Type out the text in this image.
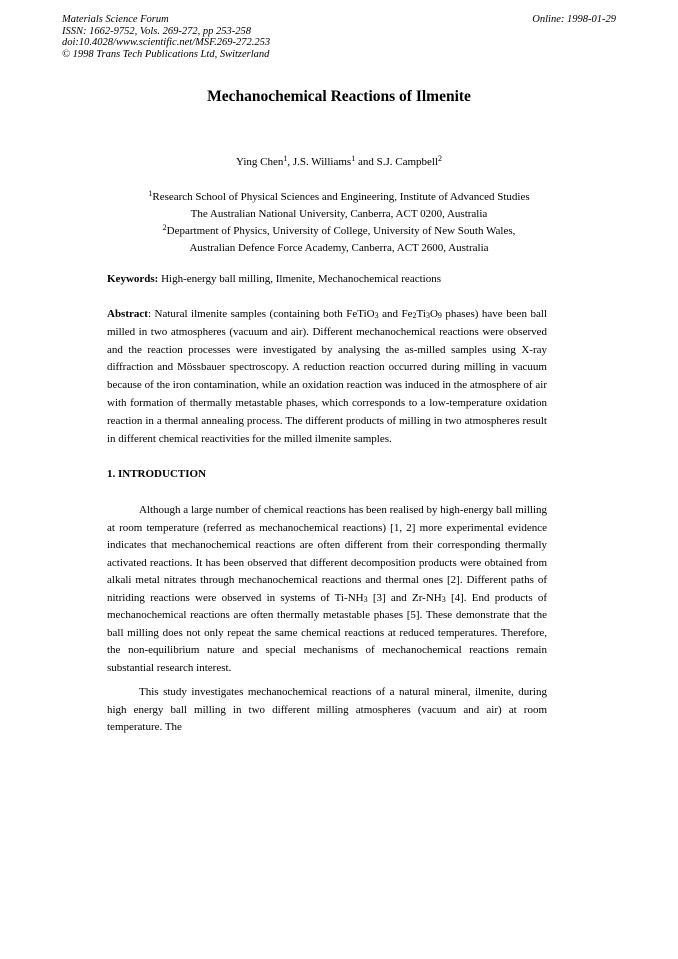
Materials Science Forum
ISSN: 1662-9752, Vols. 269-272, pp 253-258
doi:10.4028/www.scientific.net/MSF.269-272.253
© 1998 Trans Tech Publications Ltd, Switzerland
Online: 1998-01-29
Mechanochemical Reactions of Ilmenite
Ying Chen$^1$, J.S. Williams$^1$ and S.J. Campbell$^2$
$^1$Research School of Physical Sciences and Engineering, Institute of Advanced Studies
The Australian National University, Canberra, ACT 0200, Australia
$^2$Department of Physics, University of College, University of New South Wales,
Australian Defence Force Academy, Canberra, ACT 2600, Australia
Keywords: High-energy ball milling, Ilmenite, Mechanochemical reactions
Abstract: Natural ilmenite samples (containing both FeTiO$_3$ and $Fe_2Ti_3O_9$ phases) have been ball milled in two atmospheres (vacuum and air). Different mechanochemical reactions were observed and the reaction processes were investigated by analysing the as-milled samples using X-ray diffraction and Mössbauer spectroscopy. A reduction reaction occurred during milling in vacuum because of the iron contamination, while an oxidation reaction was induced in the atmosphere of air with formation of thermally metastable phases, which corresponds to a low-temperature oxidation reaction in a thermal annealing process. The different products of milling in two atmospheres result in different chemical reactivities for the milled ilmenite samples.
1. INTRODUCTION
Although a large number of chemical reactions has been realised by high-energy ball milling at room temperature (referred as mechanochemical reactions) [1, 2] more experimental evidence indicates that mechanochemical reactions are often different from their corresponding thermally activated reactions. It has been observed that different decomposition products were obtained from alkali metal nitrates through mechanochemical reactions and thermal ones [2]. Different paths of nitriding reactions were observed in systems of $Ti-NH_3$ [3] and $Zr-NH_3$ [4]. End products of mechanochemical reactions are often thermally metastable phases [5]. These demonstrate that the ball milling does not only repeat the same chemical reactions at reduced temperatures. Therefore, the non-equilibrium nature and special mechanisms of mechanochemical reactions remain substantial research interest.
This study investigates mechanochemical reactions of a natural mineral, ilmenite, during high energy ball milling in two different milling atmospheres (vacuum and air) at room temperature. The
